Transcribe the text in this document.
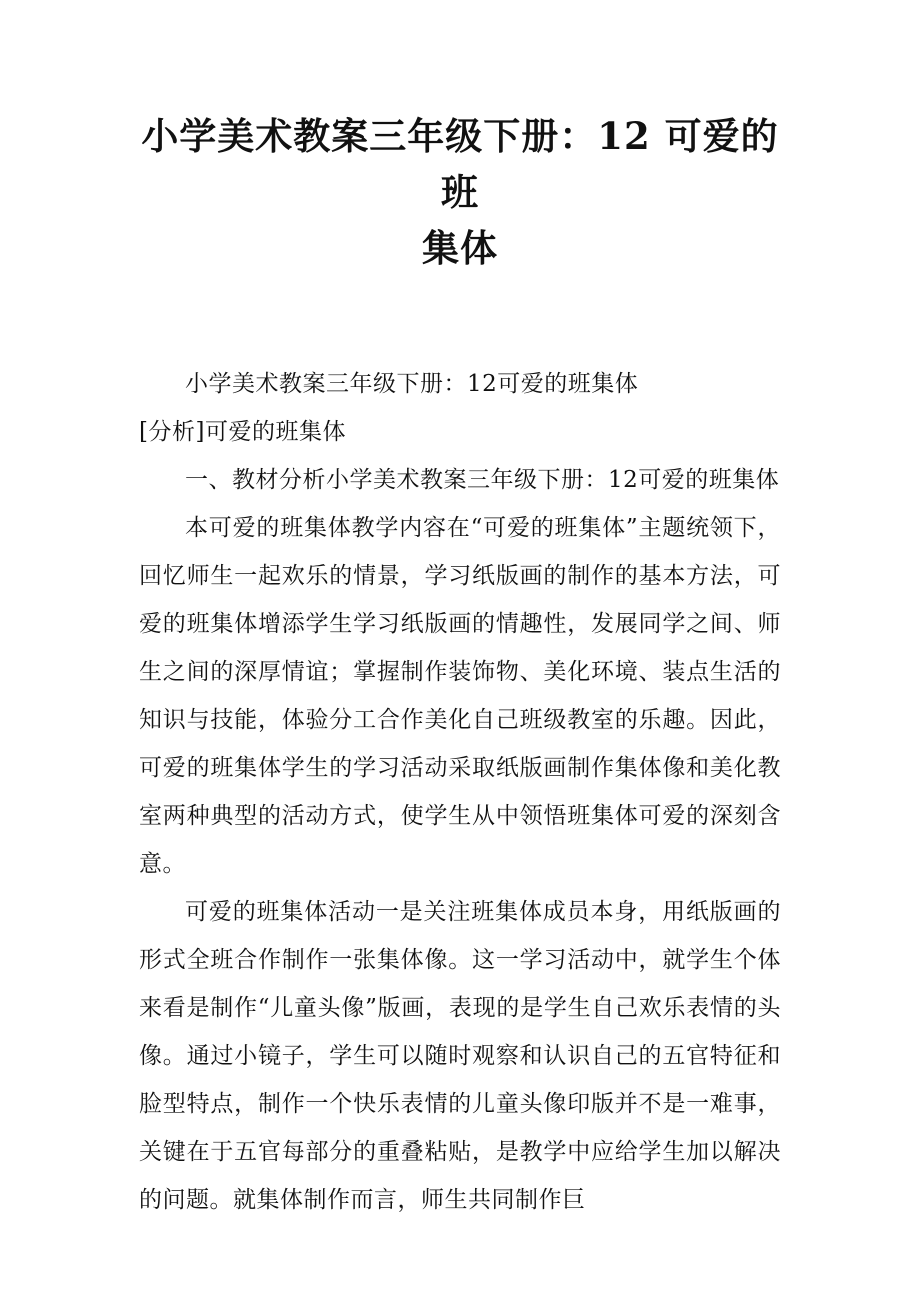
小学美术教案三年级下册：12 可爱的班
集体

小学美术教案三年级下册：12可爱的班集体

[分析]可爱的班集体

一、教材分析小学美术教案三年级下册：12可爱的班集体

本可爱的班集体教学内容在“可爱的班集体”主题统领下，回忆师生一起欢乐的情景，学习纸版画的制作的基本方法，可爱的班集体增添学生学习纸版画的情趣性，发展同学之间、师生之间的深厚情谊；掌握制作装饰物、美化环境、装点生活的知识与技能，体验分工合作美化自己班级教室的乐趣。因此，可爱的班集体学生的学习活动采取纸版画制作集体像和美化教室两种典型的活动方式，使学生从中领悟班集体可爱的深刻含意。

可爱的班集体活动一是关注班集体成员本身，用纸版画的形式全班合作制作一张集体像。这一学习活动中，就学生个体来看是制作“儿童头像”版画，表现的是学生自己欢乐表情的头像。通过小镜子，学生可以随时观察和认识自己的五官特征和脸型特点，制作一个快乐表情的儿童头像印版并不是一难事，关键在于五官每部分的重叠粘贴，是教学中应给学生加以解决的问题。就集体制作而言，师生共同制作巨
